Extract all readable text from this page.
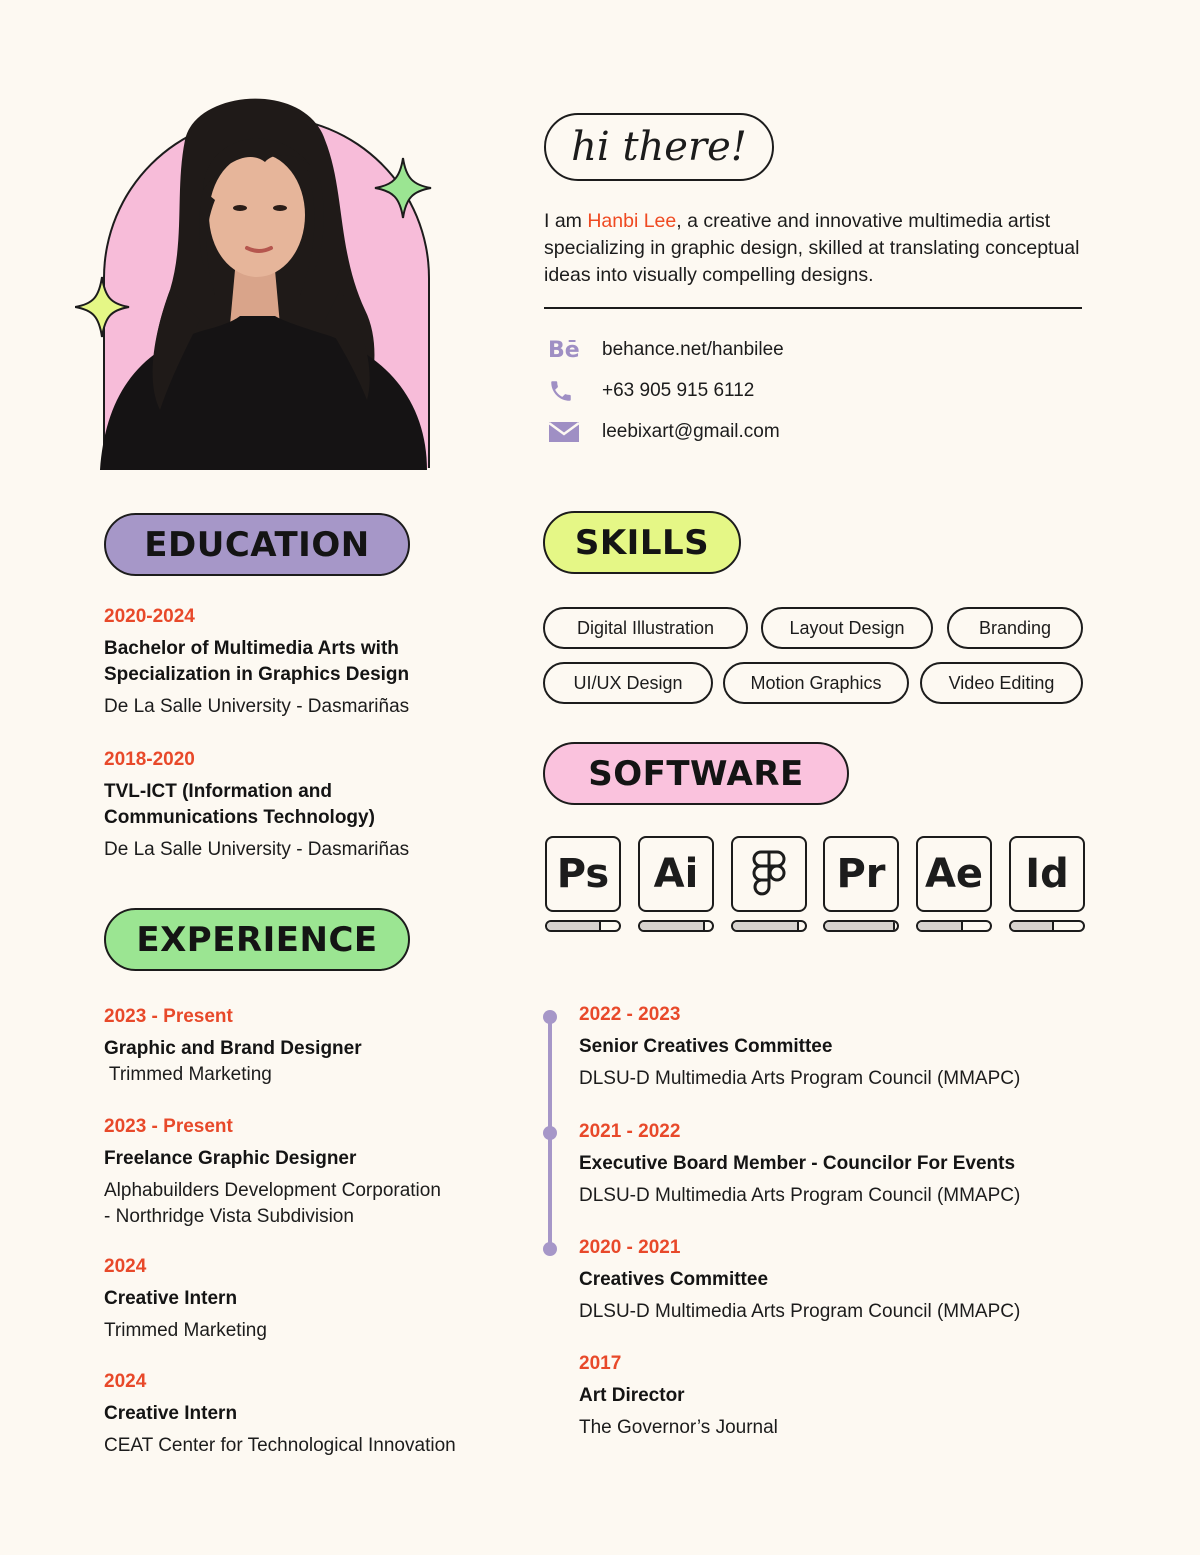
hi there!
I am Hanbi Lee, a creative and innovative multimedia artist specializing in graphic design, skilled at translating conceptual ideas into visually compelling designs.
Bē behance.net/hanbilee
+63 905 915 6112
leebixart@gmail.com
EDUCATION
2020-2024
Bachelor of Multimedia Arts with
Specialization in Graphics Design
De La Salle University - Dasmariñas
2018-2020
TVL-ICT (Information and
Communications Technology)
De La Salle University - Dasmariñas
SKILLS
Digital Illustration	Layout Design	Branding
UI/UX Design	Motion Graphics	Video Editing
SOFTWARE
Ps	Ai	Pr Ae	Id
EXPERIENCE
2023 - Present
Graphic and Brand Designer
Trimmed Marketing
2023 - Present
Freelance Graphic Designer
Alphabuilders Development Corporation
- Northridge Vista Subdivision
2024
Creative Intern
Trimmed Marketing
2024
Creative Intern
CEAT Center for Technological Innovation
2022 - 2023
Senior Creatives Committee
DLSU-D Multimedia Arts Program Council (MMAPC)
2021 - 2022
Executive Board Member - Councilor For Events
DLSU-D Multimedia Arts Program Council (MMAPC)
2020 - 2021
Creatives Committee
DLSU-D Multimedia Arts Program Council (MMAPC)
2017
Art Director
The Governor’s Journal
